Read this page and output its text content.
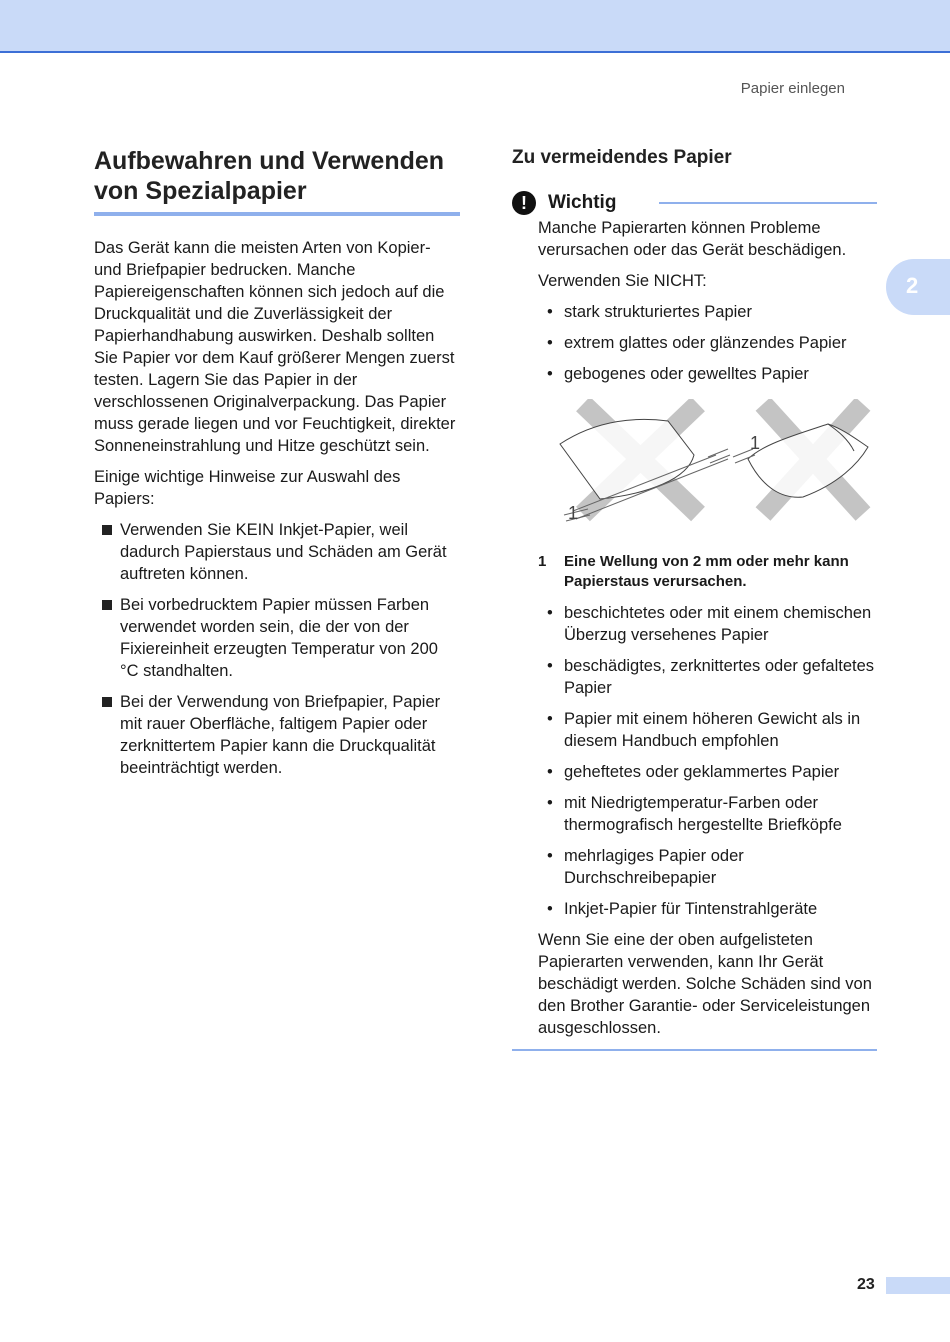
Papier einlegen
2
Aufbewahren und Verwenden von Spezialpapier

Das Gerät kann die meisten Arten von Kopier- und Briefpapier bedrucken. Manche Papiereigenschaften können sich jedoch auf die Druckqualität und die Zuverlässigkeit der Papierhandhabung auswirken. Deshalb sollten Sie Papier vor dem Kauf größerer Mengen zuerst testen. Lagern Sie das Papier in der verschlossenen Originalverpackung. Das Papier muss gerade liegen und vor Feuchtigkeit, direkter Sonneneinstrahlung und Hitze geschützt sein.

Einige wichtige Hinweise zur Auswahl des Papiers:

Verwenden Sie KEIN Inkjet-Papier, weil dadurch Papierstaus und Schäden am Gerät auftreten können.
Bei vorbedrucktem Papier müssen Farben verwendet worden sein, die der von der Fixiereinheit erzeugten Temperatur von 200 °C standhalten.
Bei der Verwendung von Briefpapier, Papier mit rauer Oberfläche, faltigem Papier oder zerknittertem Papier kann die Druckqualität beeinträchtigt werden.
Zu vermeidendes Papier
!	Wichtig

Manche Papierarten können Probleme verursachen oder das Gerät beschädigen.

Verwenden Sie NICHT:

• stark strukturiertes Papier
• extrem glattes oder glänzendes Papier
• gebogenes oder gewelltes Papier
1
1
1 Eine Wellung von 2 mm oder mehr kann Papierstaus verursachen.
• beschichtetes oder mit einem chemischen Überzug versehenes Papier
• beschädigtes, zerknittertes oder gefaltetes Papier
• Papier mit einem höheren Gewicht als in diesem Handbuch empfohlen
• geheftetes oder geklammertes Papier
• mit Niedrigtemperatur-Farben oder thermografisch hergestellte Briefköpfe
• mehrlagiges Papier oder Durchschreibepapier
• Inkjet-Papier für Tintenstrahlgeräte

Wenn Sie eine der oben aufgelisteten Papierarten verwenden, kann Ihr Gerät beschädigt werden. Solche Schäden sind von den Brother Garantie- oder Serviceleistungen ausgeschlossen.

23
